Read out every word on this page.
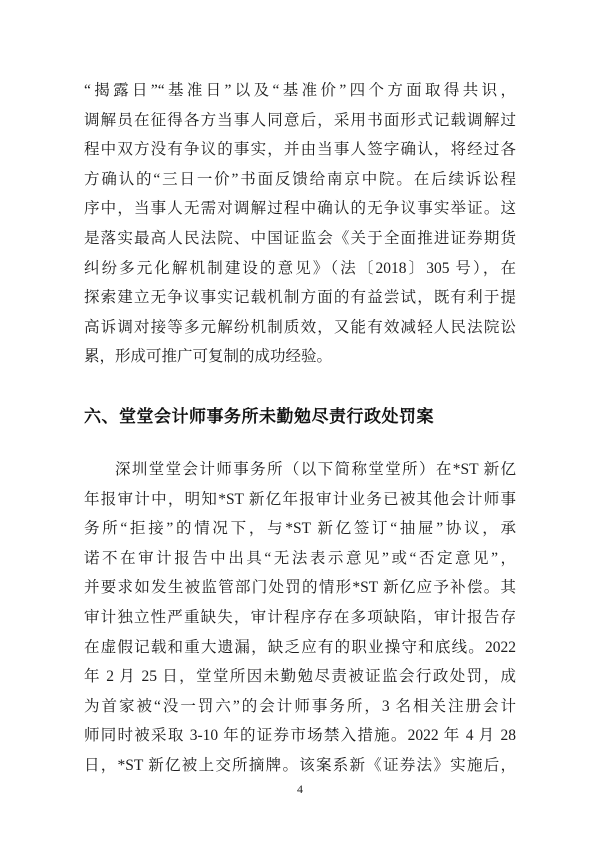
“揭露日”“基准日”以及“基准价”四个方面取得共识，
调解员在征得各方当事人同意后，采用书面形式记载调解过
程中双方没有争议的事实，并由当事人签字确认，将经过各
方确认的“三日一价”书面反馈给南京中院。在后续诉讼程
序中，当事人无需对调解过程中确认的无争议事实举证。这
是落实最高人民法院、中国证监会《关于全面推进证券期货
纠纷多元化解机制建设的意见》（法〔2018〕305 号），在
探索建立无争议事实记载机制方面的有益尝试，既有利于提
高诉调对接等多元解纷机制质效，又能有效减轻人民法院讼
累，形成可推广可复制的成功经验。
六、堂堂会计师事务所未勤勉尽责行政处罚案
深圳堂堂会计师事务所（以下简称堂堂所）在*ST 新亿
年报审计中，明知*ST 新亿年报审计业务已被其他会计师事
务所“拒接”的情况下，与*ST 新亿签订“抽屉”协议，承
诺不在审计报告中出具“无法表示意见”或“否定意见”，
并要求如发生被监管部门处罚的情形*ST 新亿应予补偿。其
审计独立性严重缺失，审计程序存在多项缺陷，审计报告存
在虚假记载和重大遗漏，缺乏应有的职业操守和底线。2022
年 2 月 25 日，堂堂所因未勤勉尽责被证监会行政处罚，成
为首家被“没一罚六”的会计师事务所，3 名相关注册会计
师同时被采取 3-10 年的证券市场禁入措施。2022 年 4 月 28
日，*ST 新亿被上交所摘牌。该案系新《证券法》实施后，
4
